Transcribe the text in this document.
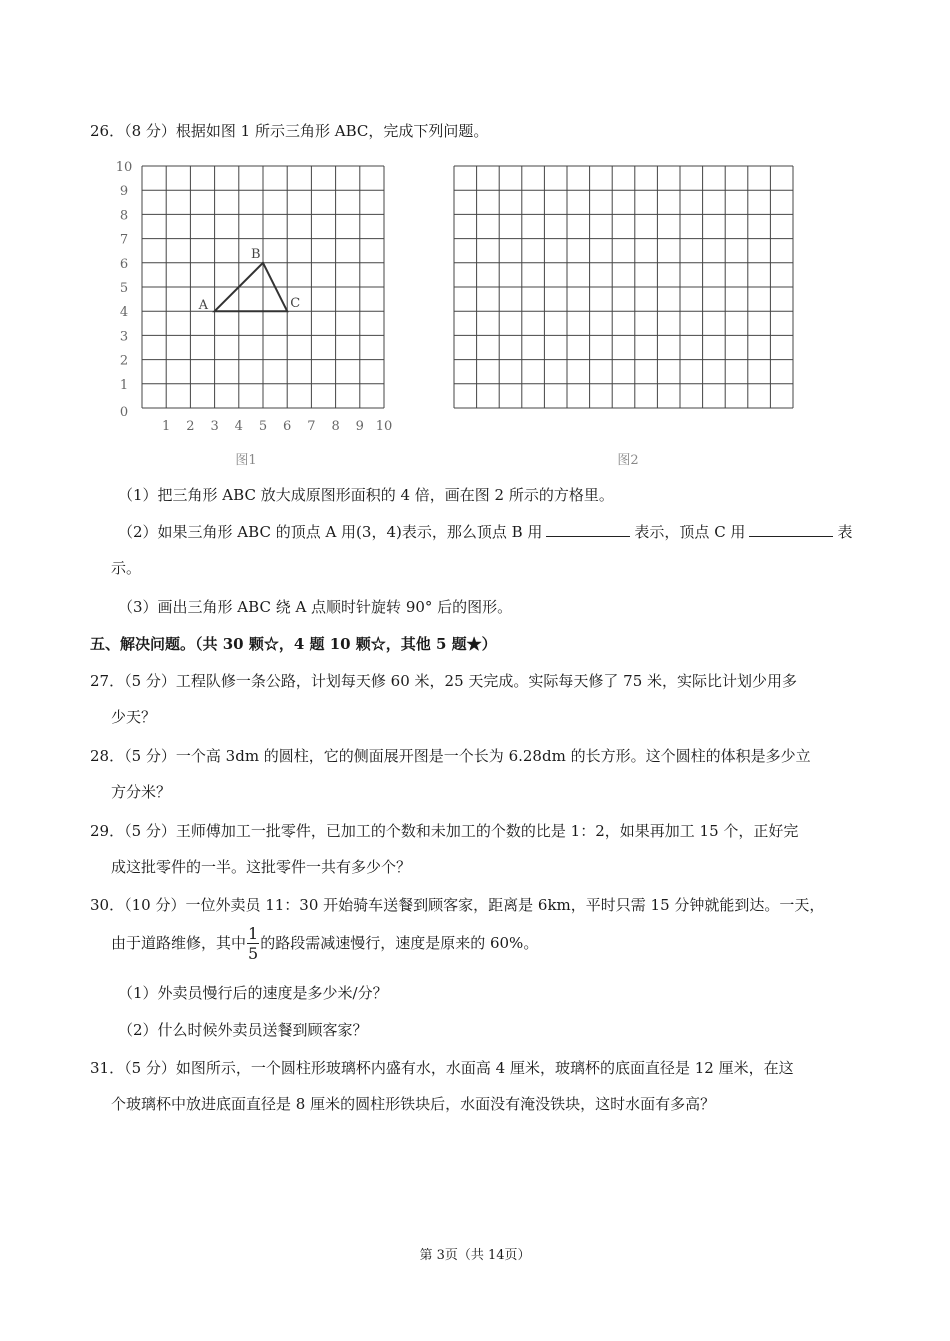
26．（8 分）根据如图 1 所示三角形 ABC，完成下列问题。
10
9
8
7
6
5
4
3
2
1
1 2 3 4 5 6 7 8 9 10
0
A
B
C
图1	图2
（1）把三角形 ABC 放大成原图形面积的 4 倍，画在图 2 所示的方格里。
（2）如果三角形 ABC 的顶点 A 用(3，4)表示，那么顶点 B 用	表示，顶点 C 用	表
示。
（3）画出三角形 ABC 绕 A 点顺时针旋转 90° 后的图形。
五、解决问题。（共 30 颗☆，4 题 10 颗☆，其他 5 题★）
27．（5 分）工程队修一条公路，计划每天修 60 米，25 天完成。实际每天修了 75 米，实际比计划少用多
少天？
28．（5 分）一个高 3dm 的圆柱，它的侧面展开图是一个长为 6.28dm 的长方形。这个圆柱的体积是多少立
方分米？
29．（5 分）王师傅加工一批零件，已加工的个数和未加工的个数的比是 1：2，如果再加工 15 个，正好完
成这批零件的一半。这批零件一共有多少个？
30．（10 分）一位外卖员 11：30 开始骑车送餐到顾客家，距离是 6km，平时只需 15 分钟就能到达。一天，
由于道路维修，其中 $\frac{1}{5}$ 的路段需减速慢行，速度是原来的 60%。
（1）外卖员慢行后的速度是多少米/分？
（2）什么时候外卖员送餐到顾客家？
31．（5 分）如图所示，一个圆柱形玻璃杯内盛有水，水面高 4 厘米，玻璃杯的底面直径是 12 厘米，在这
个玻璃杯中放进底面直径是 8 厘米的圆柱形铁块后，水面没有淹没铁块，这时水面有多高？
第 3页（共 14页）
